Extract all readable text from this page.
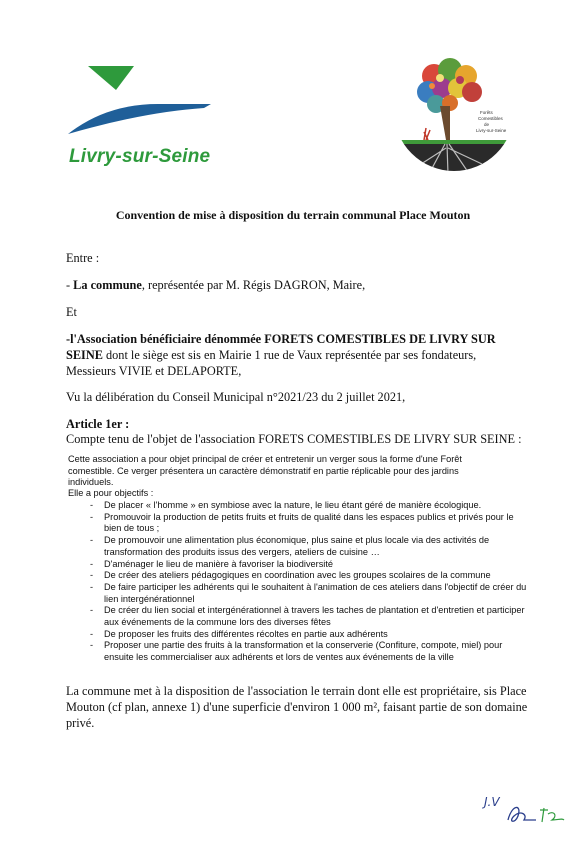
Livry-sur-Seine
Forêts
Comestibles
de
Livry-sur-Seine

Convention de mise à disposition du terrain communal Place Mouton

Entre :

- La commune, représentée par M. Régis DAGRON, Maire,

Et

-l'Association bénéficiaire dénommée FORETS COMESTIBLES DE LIVRY SUR
SEINE dont le siège est sis en Mairie 1 rue de Vaux représentée par ses fondateurs, Messieurs VIVIE et DELAPORTE,

Vu la délibération du Conseil Municipal n°2021/23 du 2 juillet 2021,

Article 1er :

Compte tenu de l'objet de l'association FORETS COMESTIBLES DE LIVRY SUR SEINE :

Cette association a pour objet principal de créer et entretenir un verger sous la forme d'une Forêt comestible. Ce verger présentera un caractère démonstratif en partie réplicable pour des jardins individuels.

Elle a pour objectifs :

- De placer « l'homme » en symbiose avec la nature, le lieu étant géré de manière écologique.
- Promouvoir la production de petits fruits et fruits de qualité dans les espaces publics et privés pour le bien de tous ;
- De promouvoir une alimentation plus économique, plus saine et plus locale via des activités de transformation des produits issus des vergers, ateliers de cuisine …
- D'aménager le lieu de manière à favoriser la biodiversité
- De créer des ateliers pédagogiques en coordination avec les groupes scolaires de la commune
- De faire participer les adhérents qui le souhaitent à l'animation de ces ateliers dans l'objectif de créer du lien intergénérationnel
- De créer du lien social et intergénérationnel à travers les taches de plantation et d'entretien et participer aux événements de la commune lors des diverses fêtes
- De proposer les fruits des différentes récoltes en partie aux adhérents
- Proposer une partie des fruits à la transformation et la conserverie (Confiture, compote, miel) pour ensuite les commercialiser aux adhérents et lors de ventes aux événements de la ville

La commune met à la disposition de l'association le terrain dont elle est propriétaire, sis Place Mouton (cf plan, annexe 1) d'une superficie d'environ 1 000 m², faisant partie de son domaine privé.

J.V
